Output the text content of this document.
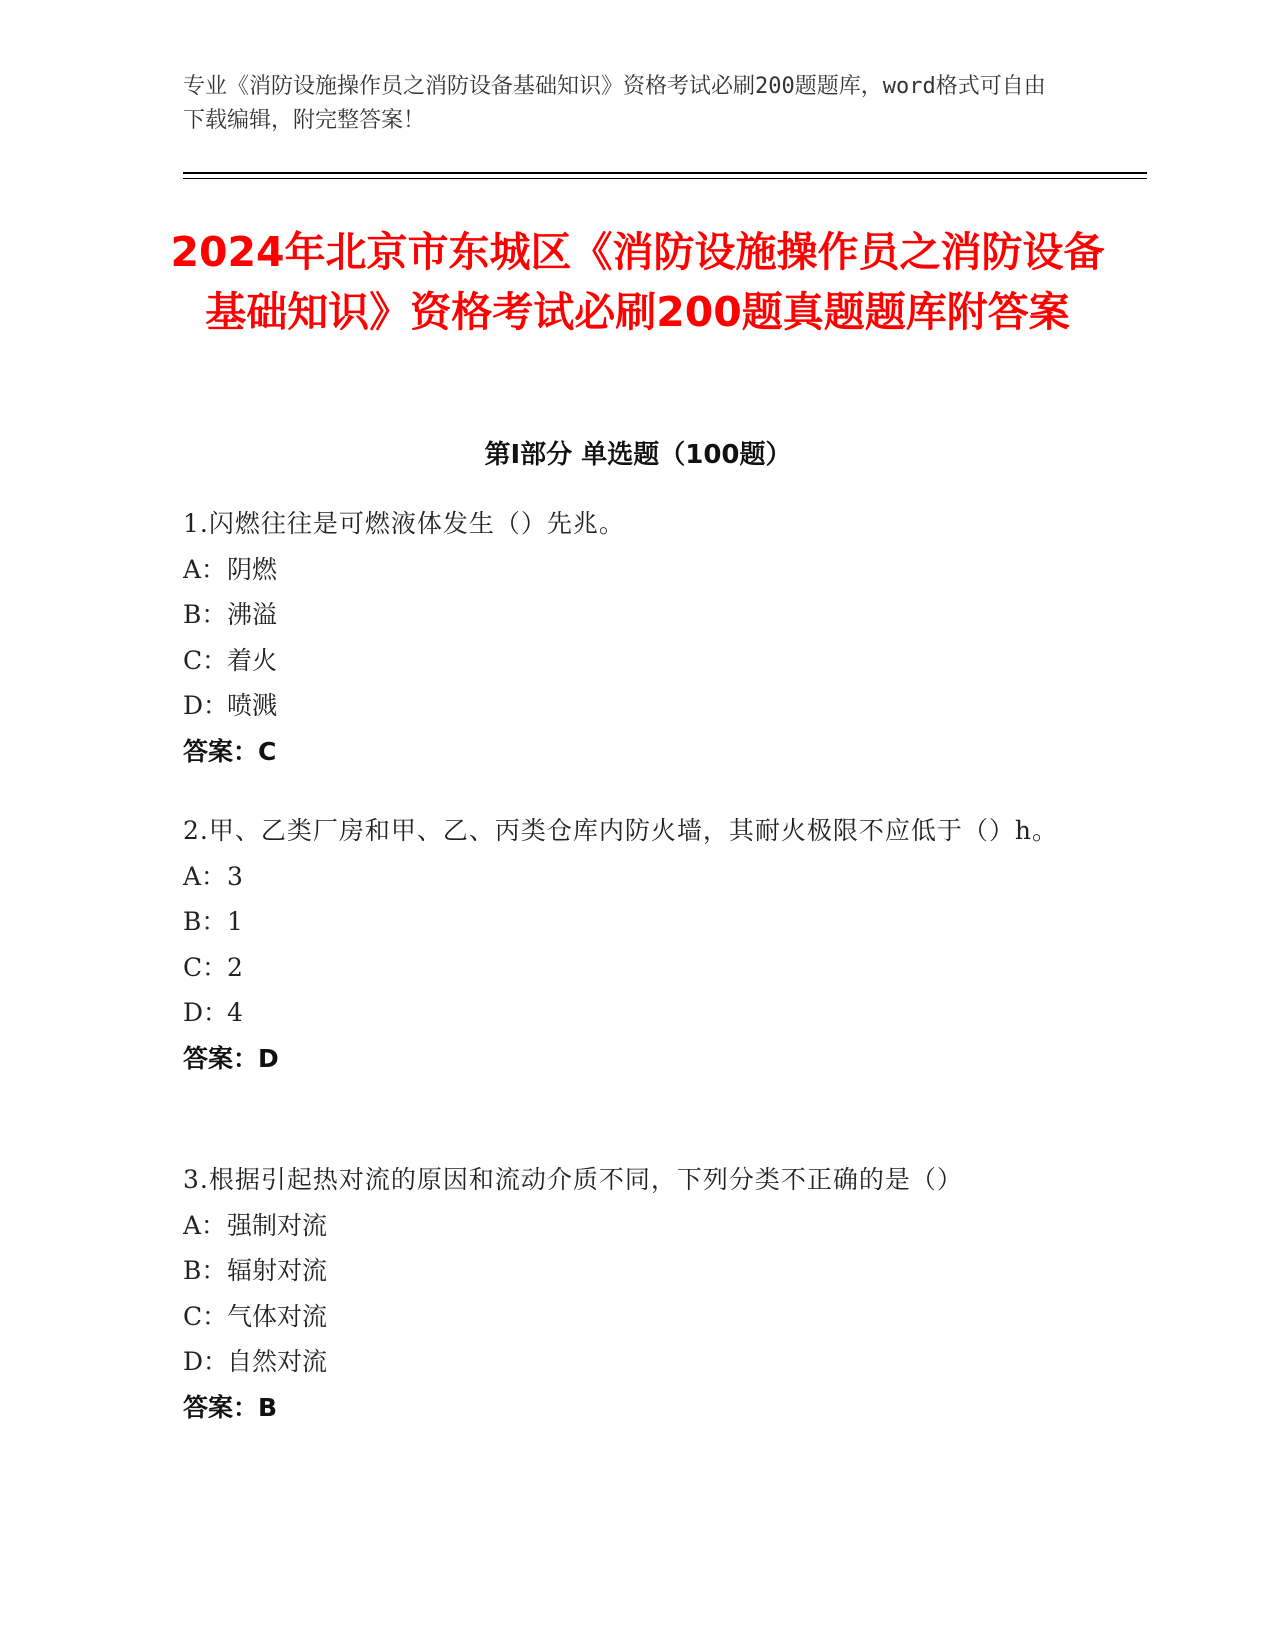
专业《消防设施操作员之消防设备基础知识》资格考试必刷200题题库，word格式可自由下载编辑，附完整答案！
2024年北京市东城区《消防设施操作员之消防设备基础知识》资格考试必刷200题真题题库附答案
第I部分 单选题（100题）
1.闪燃往往是可燃液体发生（）先兆。
A：阴燃
B：沸溢
C：着火
D：喷溅
答案：C
2.甲、乙类厂房和甲、乙、丙类仓库内防火墙，其耐火极限不应低于（）h。
A：3
B：1
C：2
D：4
答案：D
3.根据引起热对流的原因和流动介质不同，下列分类不正确的是（）
A：强制对流
B：辐射对流
C：气体对流
D：自然对流
答案：B
